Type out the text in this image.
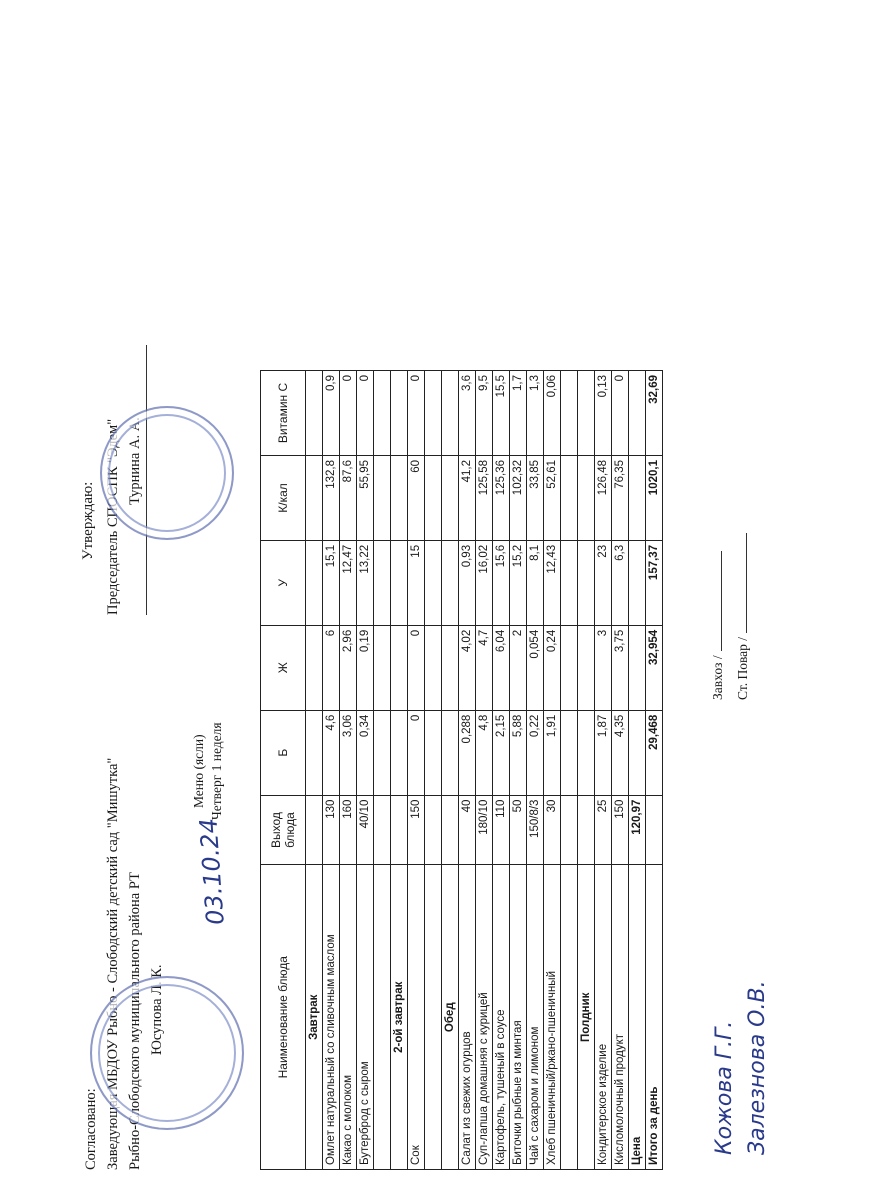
Согласовано: Заведующая МБДОУ Рыбно - Слободский детский сад "Мишутка" Рыбно-Слободского муниципального района РТ Юсупова Л. К.
Утверждаю: Председатель СПОСПК "Эдем" Турнина А. А.
03.10.24
Меню (ясли) Четверг 1 неделя
Наименование блюда	Выход блюда	Б	Ж	У	К/кал	Витамин С
Завтрак						
Омлет натуральный со сливочным маслом	130	4,6	6	15,1	132,8	0,9
Какао с молоком	160	3,06	2,96	12,47	87,6	0
Бутерброд с сыром	40/10	0,34	0,19	13,22	55,95	0

2-ой завтрак						
Сок	150	0	0	15	60	0

Обед						
Салат из свежих огурцов	40	0,288	4,02	0,93	41,2	3,6
Суп-лапша домашняя с курицей	180/10	4,8	4,7	16,02	125,58	9,5
Картофель, тушеный в соусе	110	2,15	6,04	15,6	125,36	15,5
Биточки рыбные из минтая	50	5,88	2	15,2	102,32	1,7
Чай с сахаром и лимоном	150/8/3	0,22	0,054	8,1	33,85	1,3
Хлеб пшеничный/ржано-пшеничный	30	1,91	0,24	12,43	52,61	0,06

Полдник						
Кондитерское изделие	25	1,87	3	23	126,48	0,13
Кисломолочный продукт	150	4,35	3,75	6,3	76,35	0
Цена	120,97					
Итого за день		29,468	32,954	157,37	1020,1	32,69
Завхоз / Ст. Повар /
Кожова Г.Г. Залезнова О.В.
